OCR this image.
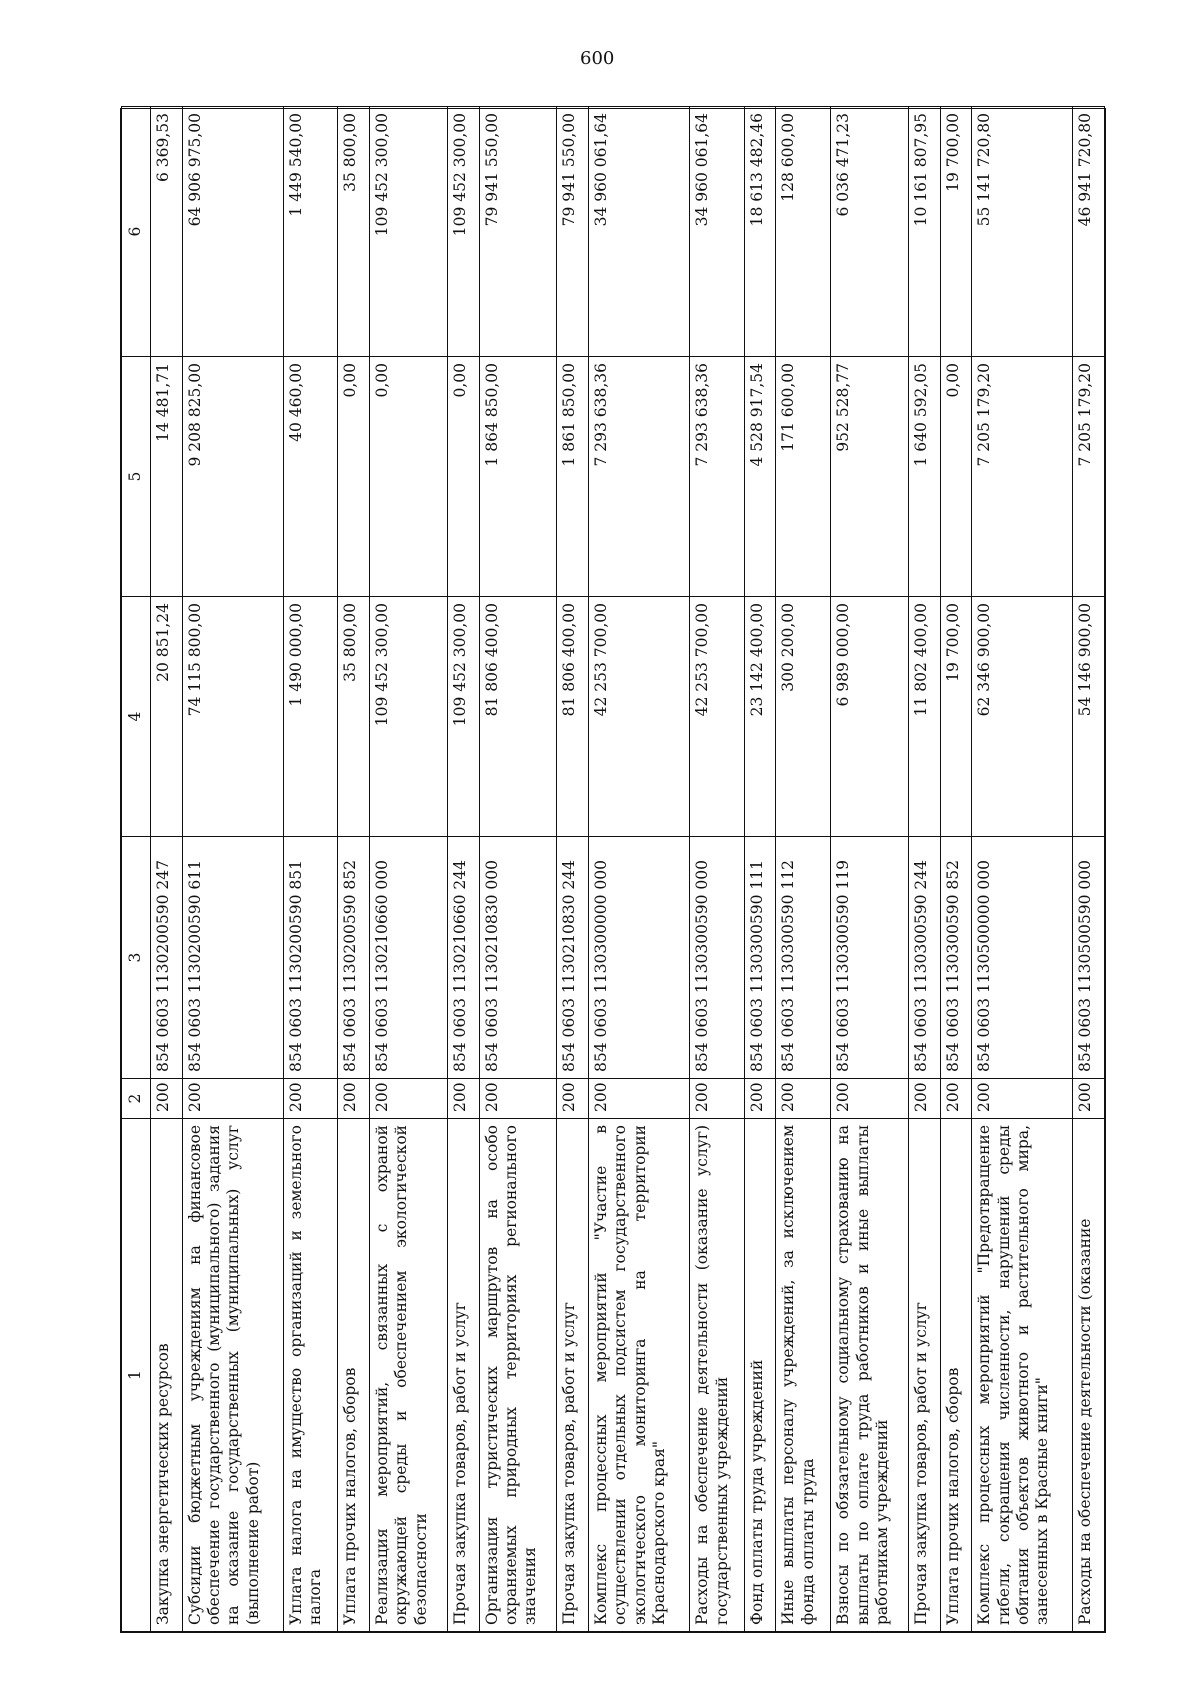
600
1	2	3	4	5	6
Закупка энергетических ресурсов	200	854 0603 1130200590 247	20 851,24	14 481,71	6 369,53
Субсидии бюджетным учреждениям на финансовое обеспечение государственного (муниципального) задания на оказание государственных (муниципальных) услуг (выполнение работ)	200	854 0603 1130200590 611	74 115 800,00	9 208 825,00	64 906 975,00
Уплата налога на имущество организаций и земельного налога	200	854 0603 1130200590 851	1 490 000,00	40 460,00	1 449 540,00
Уплата прочих налогов, сборов	200	854 0603 1130200590 852	35 800,00	0,00	35 800,00
Реализация мероприятий, связанных с охраной окружающей среды и обеспечением экологической безопасности	200	854 0603 1130210660 000	109 452 300,00	0,00	109 452 300,00
Прочая закупка товаров, работ и услуг	200	854 0603 1130210660 244	109 452 300,00	0,00	109 452 300,00
Организация туристических маршрутов на особо охраняемых природных территориях регионального значения	200	854 0603 1130210830 000	81 806 400,00	1 864 850,00	79 941 550,00
Прочая закупка товаров, работ и услуг	200	854 0603 1130210830 244	81 806 400,00	1 861 850,00	79 941 550,00
Комплекс процессных мероприятий "Участие в осуществлении отдельных подсистем государственного экологического мониторинга на территории Краснодарского края"	200	854 0603 1130300000 000	42 253 700,00	7 293 638,36	34 960 061,64
Расходы на обеспечение деятельности (оказание услуг) государственных учреждений	200	854 0603 1130300590 000	42 253 700,00	7 293 638,36	34 960 061,64
Фонд оплаты труда учреждений	200	854 0603 1130300590 111	23 142 400,00	4 528 917,54	18 613 482,46
Иные выплаты персоналу учреждений, за исключением фонда оплаты труда	200	854 0603 1130300590 112	300 200,00	171 600,00	128 600,00
Взносы по обязательному социальному страхованию на выплаты по оплате труда работников и иные выплаты работникам учреждений	200	854 0603 1130300590 119	6 989 000,00	952 528,77	6 036 471,23
Прочая закупка товаров, работ и услуг	200	854 0603 1130300590 244	11 802 400,00	1 640 592,05	10 161 807,95
Уплата прочих налогов, сборов	200	854 0603 1130300590 852	19 700,00	0,00	19 700,00
Комплекс процессных мероприятий "Предотвращение гибели, сокращения численности, нарушений среды обитания объектов животного и растительного мира, занесенных в Красные книги"	200	854 0603 1130500000 000	62 346 900,00	7 205 179,20	55 141 720,80
Расходы на обеспечение деятельности (оказание	200	854 0603 1130500590 000	54 146 900,00	7 205 179,20	46 941 720,80
